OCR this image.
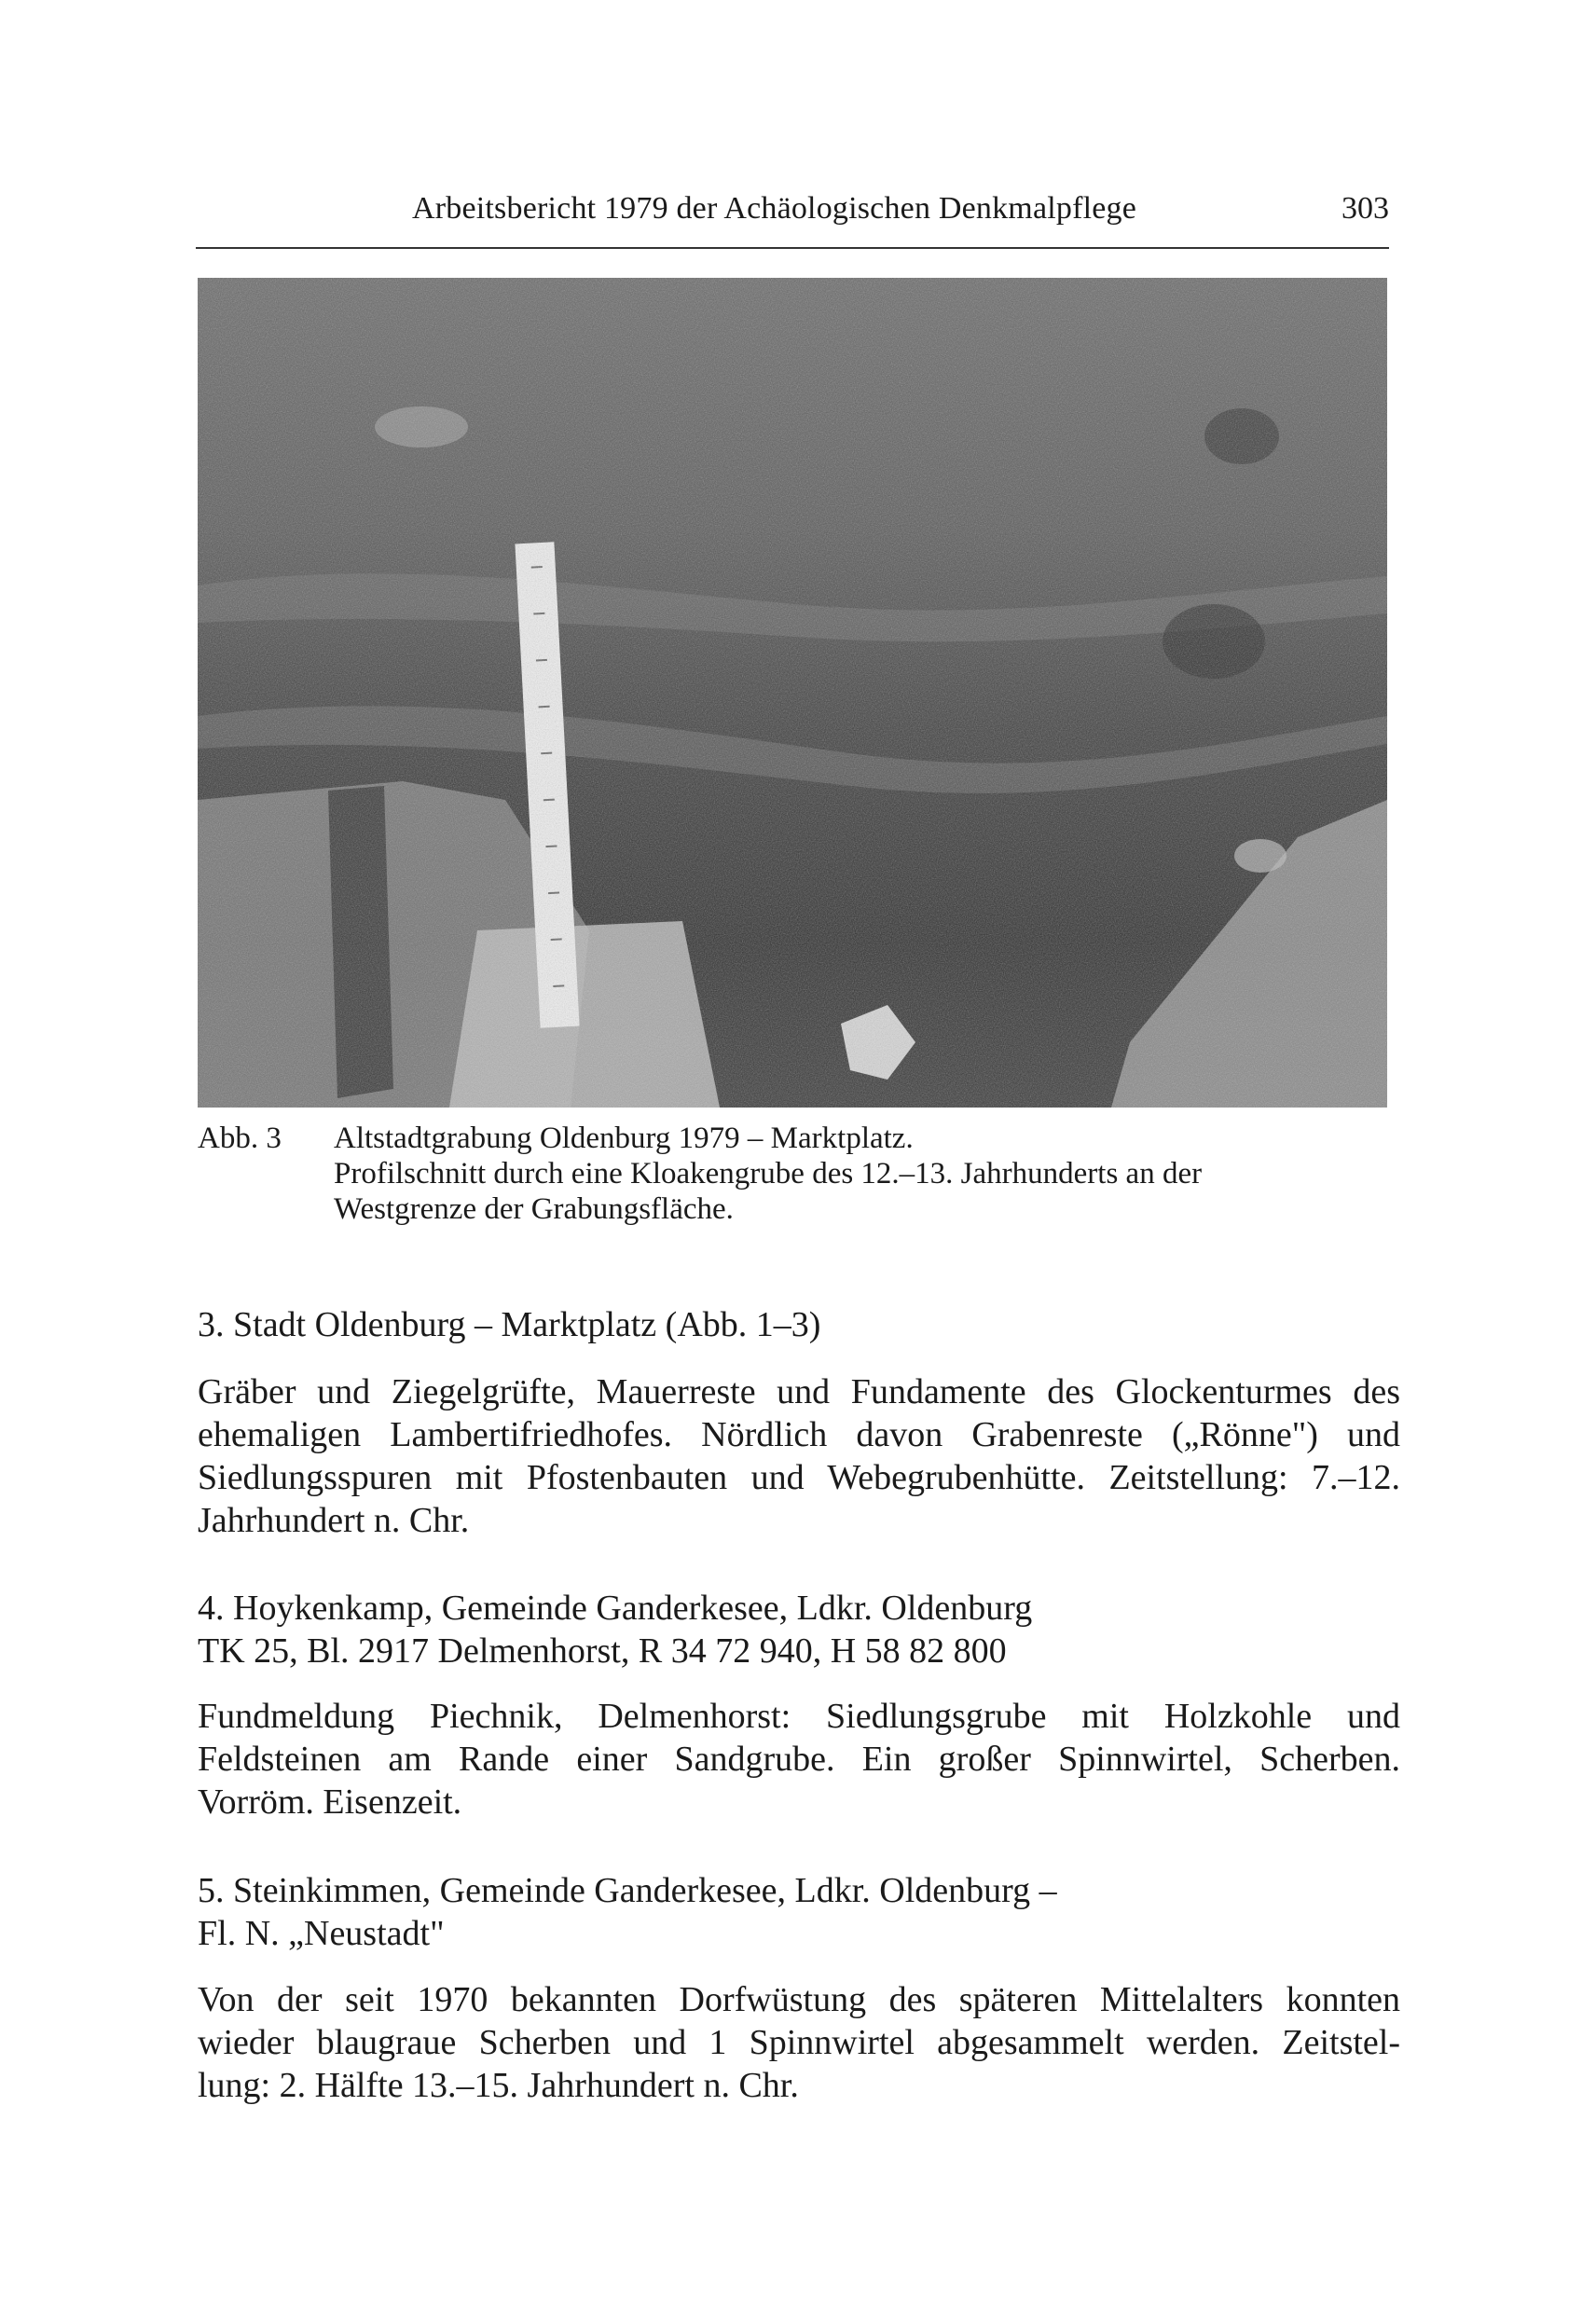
Arbeitsbericht 1979 der Achäologischen Denkmalpflege	303
Abb. 3 Altstadtgrabung Oldenburg 1979 – Marktplatz.
Profilschnitt durch eine Kloakengrube des 12.–13. Jahrhunderts an der
Westgrenze der Grabungsfläche.
3. Stadt Oldenburg – Marktplatz (Abb. 1–3)
Gräber und Ziegelgrüfte, Mauerreste und Fundamente des Glockenturmes des
ehemaligen Lambertifriedhofes. Nördlich davon Grabenreste („Rönne") und
Siedlungsspuren mit Pfostenbauten und Webegrubenhütte. Zeitstellung: 7.–12.
Jahrhundert n. Chr.
4. Hoykenkamp, Gemeinde Ganderkesee, Ldkr. Oldenburg
TK 25, Bl. 2917 Delmenhorst, R 34 72 940, H 58 82 800
Fundmeldung Piechnik, Delmenhorst: Siedlungsgrube mit Holzkohle und
Feldsteinen am Rande einer Sandgrube. Ein großer Spinnwirtel, Scherben.
Vorröm. Eisenzeit.
5. Steinkimmen, Gemeinde Ganderkesee, Ldkr. Oldenburg –
Fl. N. „Neustadt"
Von der seit 1970 bekannten Dorfwüstung des späteren Mittelalters konnten
wieder blaugraue Scherben und 1 Spinnwirtel abgesammelt werden. Zeitstel-
lung: 2. Hälfte 13.–15. Jahrhundert n. Chr.
